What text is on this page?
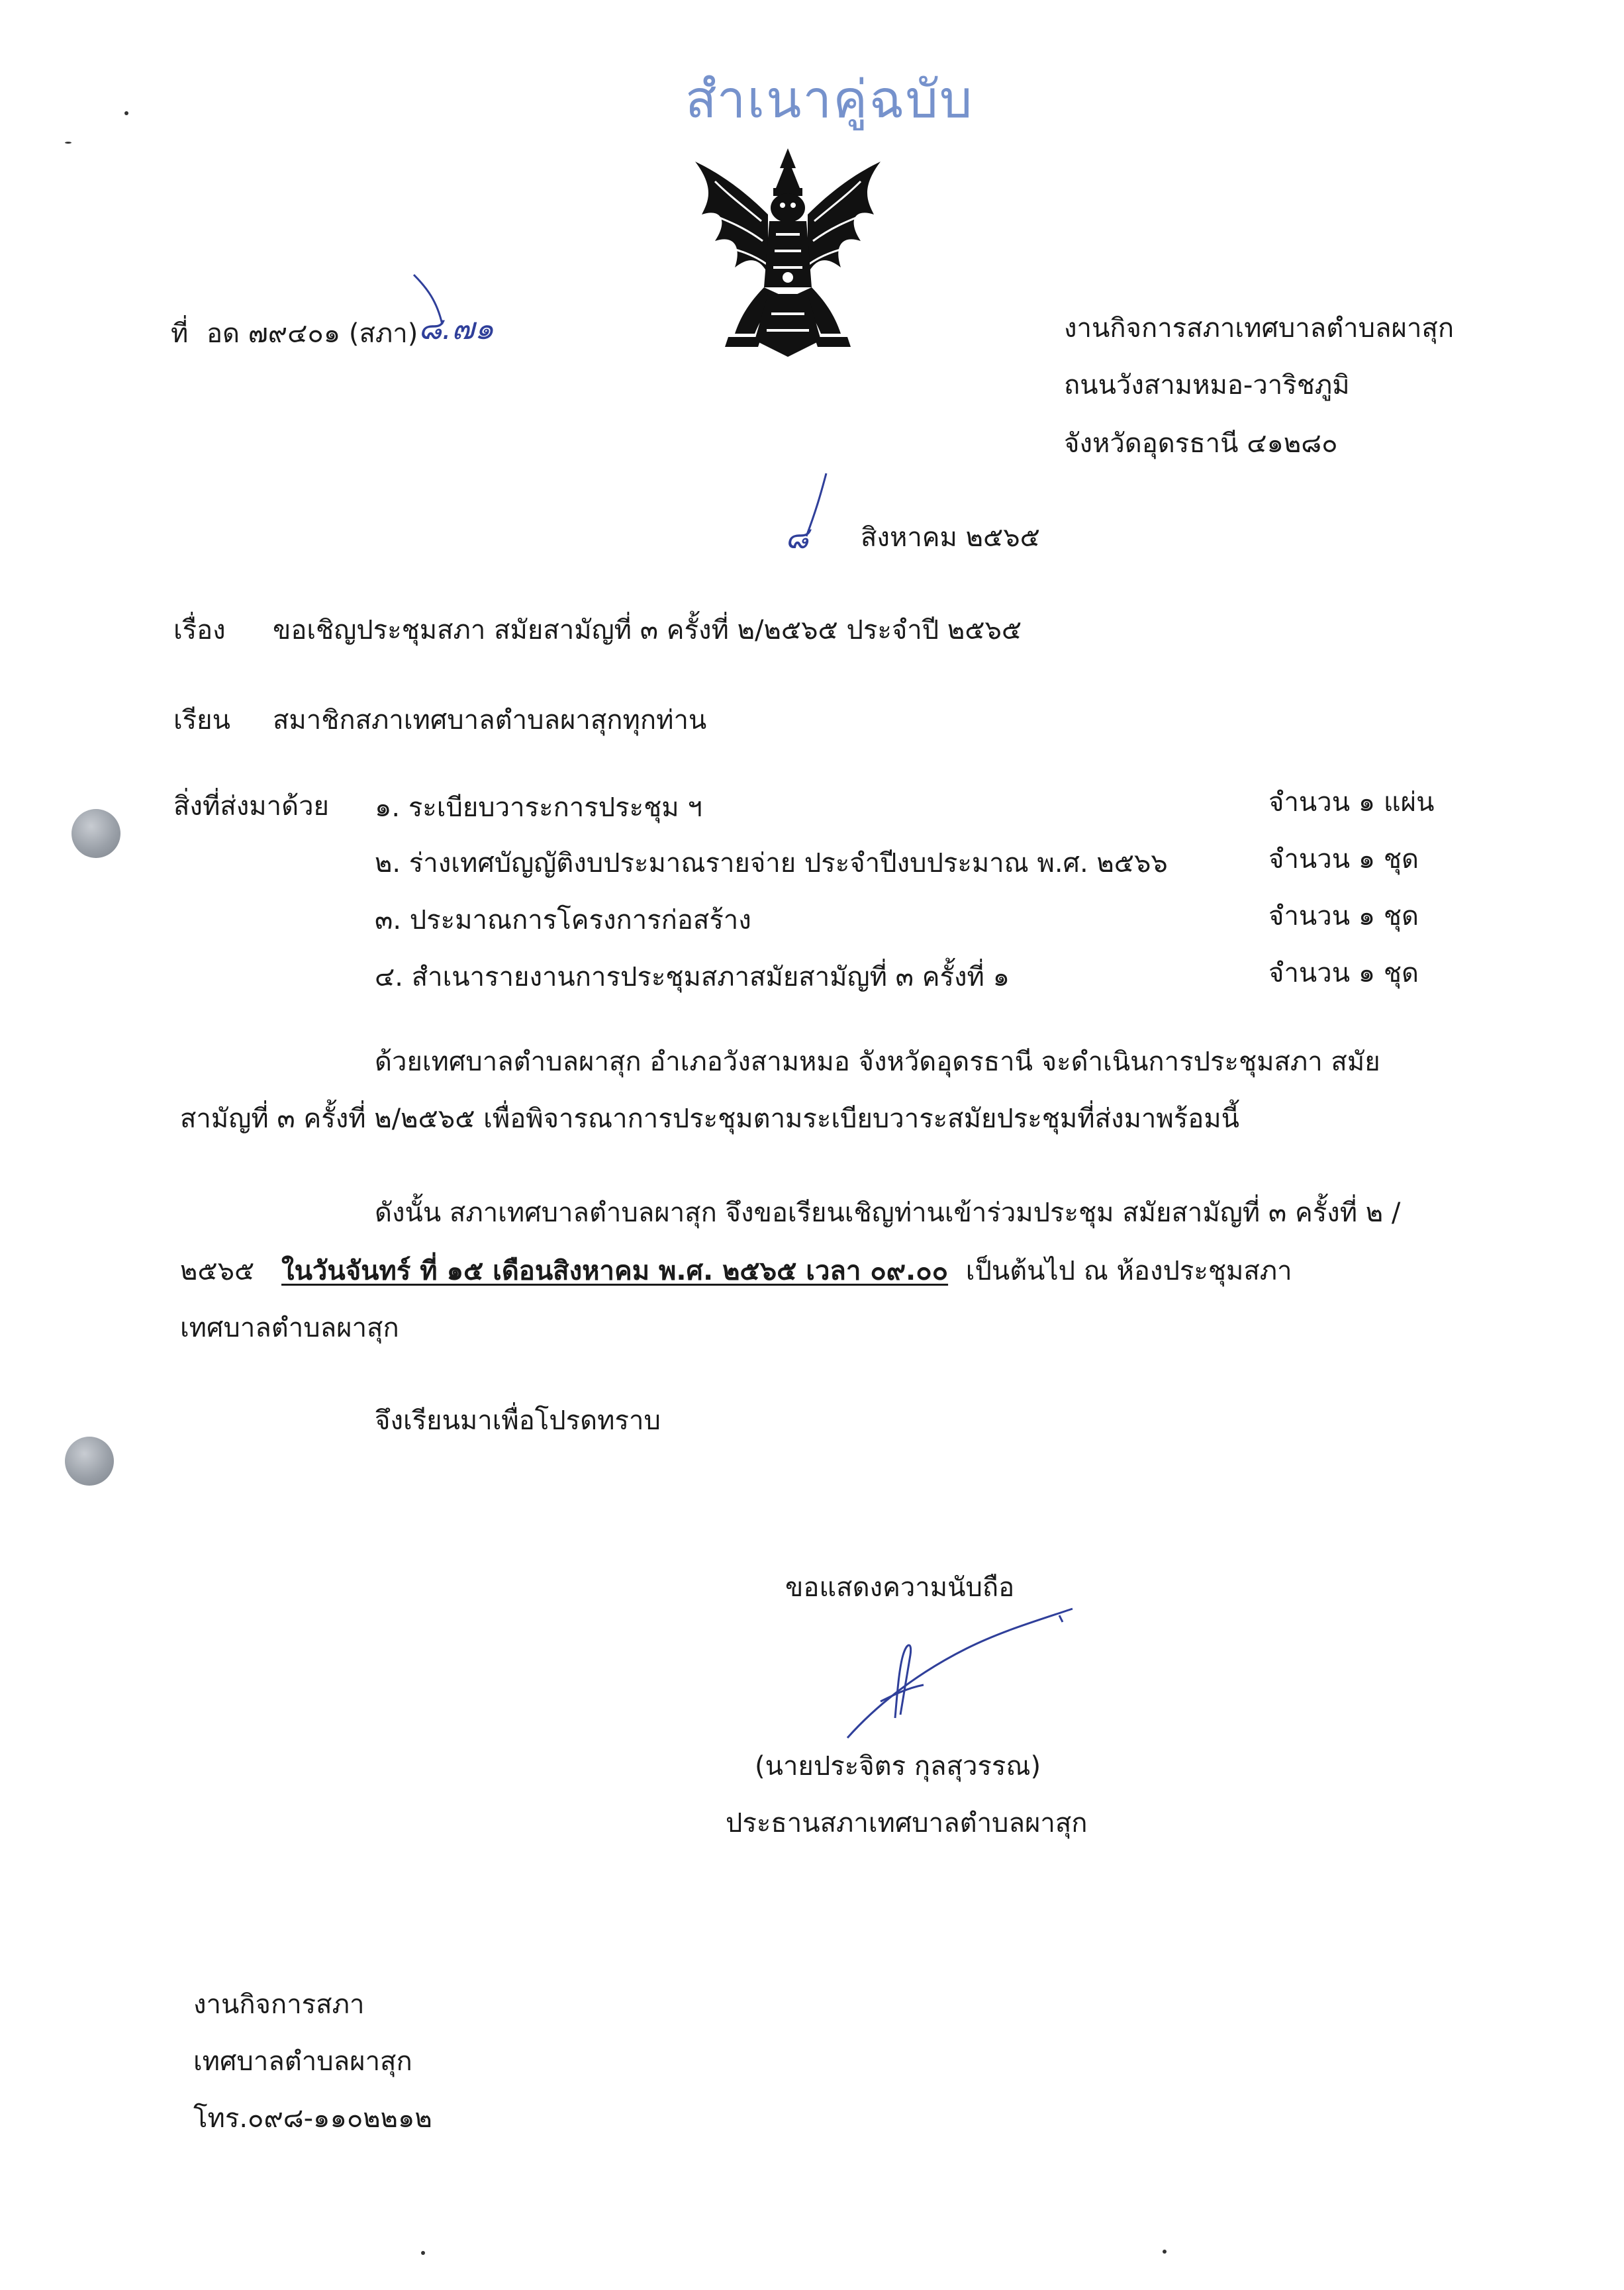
สำเนาคู่ฉบับ
ที่ อด ๗๙๔๐๑ (สภา) ๘.๗๑	งานกิจการสภาเทศบาลตำบลผาสุก
ถนนวังสามหมอ-วาริชภูมิ
จังหวัดอุดรธานี ๔๑๒๘๐
๘ สิงหาคม ๒๕๖๕
เรื่อง ขอเชิญประชุมสภา สมัยสามัญที่ ๓ ครั้งที่ ๒/๒๕๖๕ ประจำปี ๒๕๖๕
เรียน สมาชิกสภาเทศบาลตำบลผาสุกทุกท่าน
สิ่งที่ส่งมาด้วย ๑. ระเบียบวาระการประชุม ฯ	จำนวน ๑ แผ่น
๒. ร่างเทศบัญญัติงบประมาณรายจ่าย ประจำปีงบประมาณ พ.ศ. ๒๕๖๖	จำนวน ๑ ชุด
๓. ประมาณการโครงการก่อสร้าง	จำนวน ๑ ชุด
๔. สำเนารายงานการประชุมสภาสมัยสามัญที่ ๓ ครั้งที่ ๑	จำนวน ๑ ชุด
ด้วยเทศบาลตำบลผาสุก อำเภอวังสามหมอ จังหวัดอุดรธานี จะดำเนินการประชุมสภา สมัย
สามัญที่ ๓ ครั้งที่ ๒/๒๕๖๕ เพื่อพิจารณาการประชุมตามระเบียบวาระสมัยประชุมที่ส่งมาพร้อมนี้
ดังนั้น สภาเทศบาลตำบลผาสุก จึงขอเรียนเชิญท่านเข้าร่วมประชุม สมัยสามัญที่ ๓ ครั้งที่ ๒ /
๒๕๖๕ ในวันจันทร์ ที่ ๑๕ เดือนสิงหาคม พ.ศ. ๒๕๖๕ เวลา ๐๙.๐๐ เป็นต้นไป ณ ห้องประชุมสภา
เทศบาลตำบลผาสุก
จึงเรียนมาเพื่อโปรดทราบ
ขอแสดงความนับถือ
(นายประจิตร กุลสุวรรณ)
ประธานสภาเทศบาลตำบลผาสุก
งานกิจการสภา
เทศบาลตำบลผาสุก
โทร.๐๙๘-๑๑๐๒๒๑๒
